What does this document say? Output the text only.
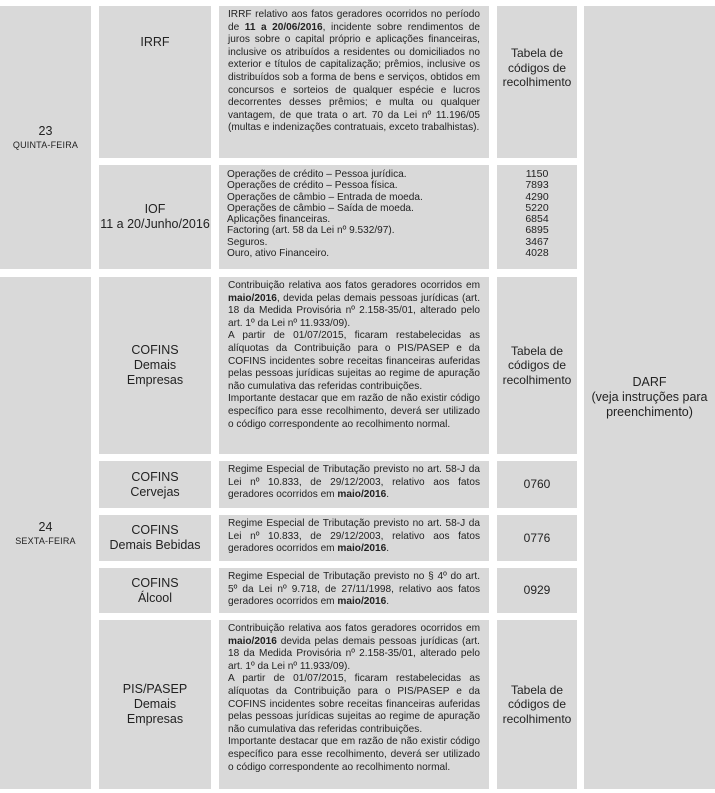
23
QUINTA-FEIRA
24
SEXTA-FEIRA
DARF
(veja instruções para
preenchimento)
IRRF

IRRF relativo aos fatos geradores ocorridos no período de 11 a 20/06/2016, incidente sobre rendimentos de juros sobre o capital próprio e aplicações financeiras, inclusive os atribuídos a residentes ou domiciliados no exterior e títulos de capitalização; prêmios, inclusive os distribuídos sob a forma de bens e serviços, obtidos em concursos e sorteios de qualquer espécie e lucros decorrentes desses prêmios; e multa ou qualquer vantagem, de que trata o art. 70 da Lei nº 11.196/05 (multas e indenizações contratuais, exceto trabalhistas).

Tabela de
códigos de
recolhimento
IOF
11 a 20/Junho/2016
Operações de crédito – Pessoa jurídica.
Operações de crédito – Pessoa física.
Operações de câmbio – Entrada de moeda.
Operações de câmbio – Saída de moeda.
Aplicações financeiras.
Factoring (art. 58 da Lei nº 9.532/97).
Seguros.
Ouro, ativo Financeiro.
1150
7893
4290
5220
6854
6895
3467
4028
COFINS
Demais
Empresas

Contribuição relativa aos fatos geradores ocorridos em maio/2016, devida pelas demais pessoas jurídicas (art. 18 da Medida Provisória nº 2.158-35/01, alterado pelo art. 1º da Lei nº 11.933/09).

A partir de 01/07/2015, ficaram restabelecidas as alíquotas da Contribuição para o PIS/PASEP e da COFINS incidentes sobre receitas financeiras auferidas pelas pessoas jurídicas sujeitas ao regime de apuração não cumulativa das referidas contribuições.

Importante destacar que em razão de não existir código específico para esse recolhimento, deverá ser utilizado o código correspondente ao recolhimento normal.

Tabela de
códigos de
recolhimento
COFINS
Cervejas

Regime Especial de Tributação previsto no art. 58-J da Lei nº 10.833, de 29/12/2003, relativo aos fatos geradores ocorridos em maio/2016.

0760
COFINS
Demais Bebidas

Regime Especial de Tributação previsto no art. 58-J da Lei nº 10.833, de 29/12/2003, relativo aos fatos geradores ocorridos em maio/2016.

0776
COFINS
Álcool

Regime Especial de Tributação previsto no § 4º do art. 5º da Lei nº 9.718, de 27/11/1998, relativo aos fatos geradores ocorridos em maio/2016.

0929
PIS/PASEP
Demais
Empresas

Contribuição relativa aos fatos geradores ocorridos em maio/2016 devida pelas demais pessoas jurídicas (art. 18 da Medida Provisória nº 2.158-35/01, alterado pelo art. 1º da Lei nº 11.933/09).

A partir de 01/07/2015, ficaram restabelecidas as alíquotas da Contribuição para o PIS/PASEP e da COFINS incidentes sobre receitas financeiras auferidas pelas pessoas jurídicas sujeitas ao regime de apuração não cumulativa das referidas contribuições.

Importante destacar que em razão de não existir código específico para esse recolhimento, deverá ser utilizado o código correspondente ao recolhimento normal.

Tabela de
códigos de
recolhimento
